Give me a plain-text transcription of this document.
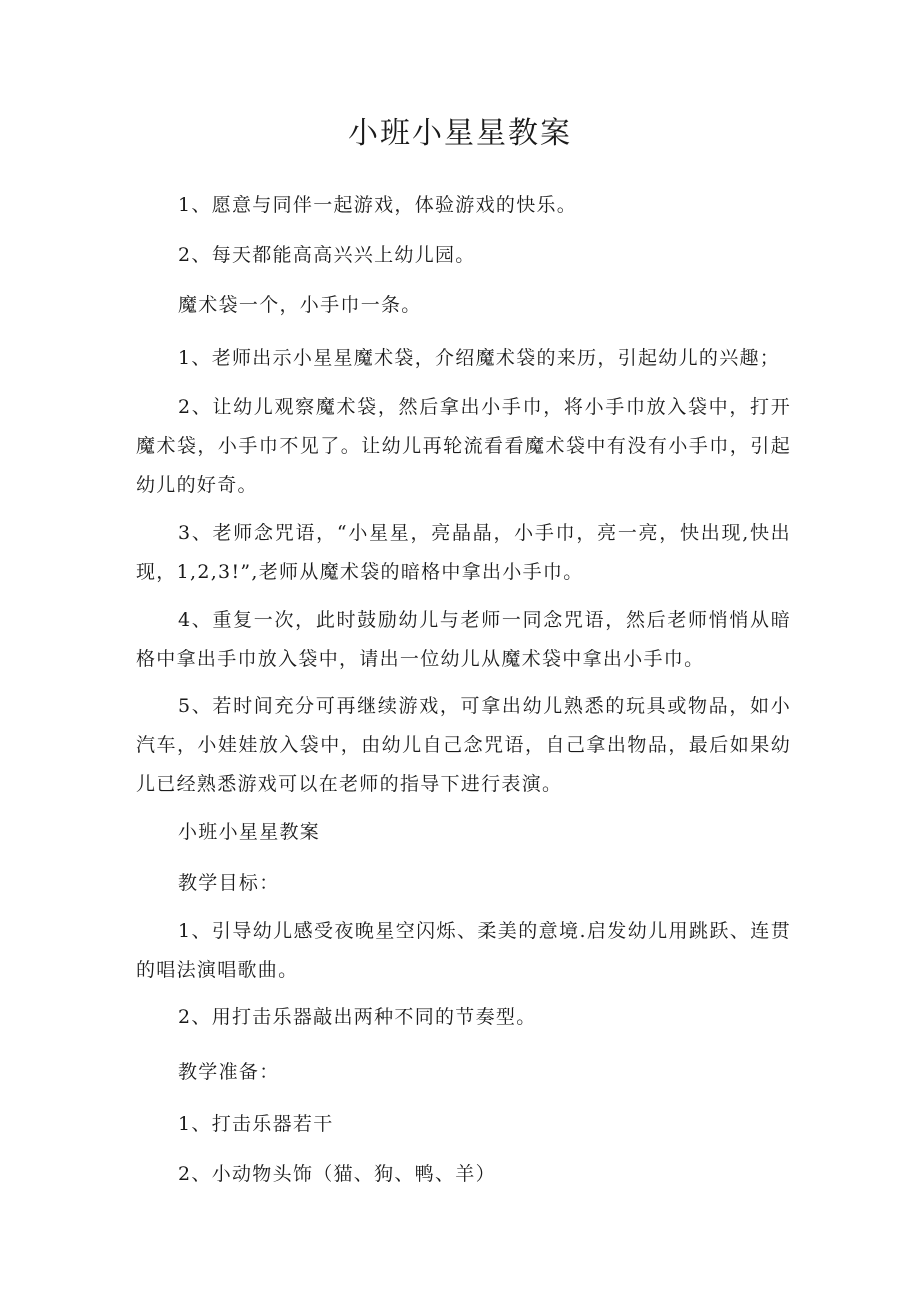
小班小星星教案

1、愿意与同伴一起游戏，体验游戏的快乐。

2、每天都能高高兴兴上幼儿园。

魔术袋一个，小手巾一条。

1、老师出示小星星魔术袋，介绍魔术袋的来历，引起幼儿的兴趣；

2、让幼儿观察魔术袋，然后拿出小手巾，将小手巾放入袋中，打开魔术袋，小手巾不见了。让幼儿再轮流看看魔术袋中有没有小手巾，引起幼儿的好奇。

3、老师念咒语，“小星星，亮晶晶，小手巾，亮一亮，快出现,快出现，1,2,3!”,老师从魔术袋的暗格中拿出小手巾。

4、重复一次，此时鼓励幼儿与老师一同念咒语，然后老师悄悄从暗格中拿出手巾放入袋中，请出一位幼儿从魔术袋中拿出小手巾。

5、若时间充分可再继续游戏，可拿出幼儿熟悉的玩具或物品，如小汽车，小娃娃放入袋中，由幼儿自己念咒语，自己拿出物品，最后如果幼儿已经熟悉游戏可以在老师的指导下进行表演。

小班小星星教案

教学目标：

1、引导幼儿感受夜晚星空闪烁、柔美的意境.启发幼儿用跳跃、连贯的唱法演唱歌曲。

2、用打击乐器敲出两种不同的节奏型。

教学准备：

1、打击乐器若干

2、小动物头饰（猫、狗、鸭、羊）
